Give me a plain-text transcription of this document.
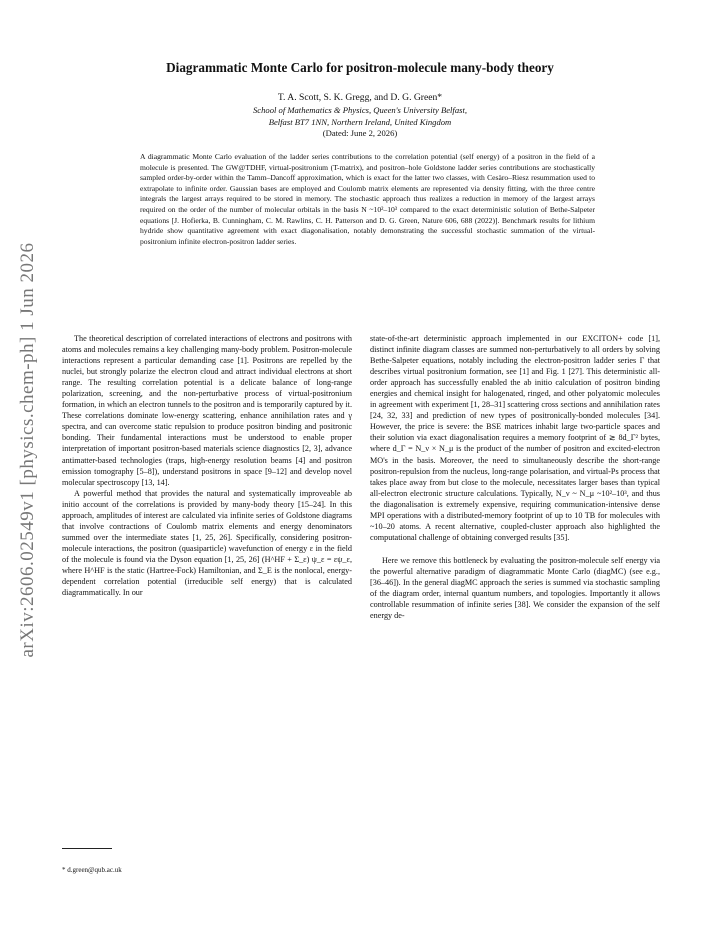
arXiv:2606.02549v1 [physics.chem-ph] 1 Jun 2026
Diagrammatic Monte Carlo for positron-molecule many-body theory
T. A. Scott, S. K. Gregg, and D. G. Green*
School of Mathematics & Physics, Queen's University Belfast,
Belfast BT7 1NN, Northern Ireland, United Kingdom
(Dated: June 2, 2026)

A diagrammatic Monte Carlo evaluation of the ladder series contributions to the correlation potential (self energy) of a positron in the field of a molecule is presented. The GW@TDHF, virtual-positronium (T-matrix), and positron–hole Goldstone ladder series contributions are stochastically sampled order-by-order within the Tamm–Dancoff approximation, which is exact for the latter two classes, with Cesàro–Riesz resummation used to extrapolate to infinite order. Gaussian bases are employed and Coulomb matrix elements are represented via density fitting, with the three centre integrals the largest arrays required to be stored in memory. The stochastic approach thus realizes a reduction in memory of the largest arrays required on the order of the number of molecular orbitals in the basis N ~10²–10³ compared to the exact deterministic solution of Bethe-Salpeter equations [J. Hofierka, B. Cunningham, C. M. Rawlins, C. H. Patterson and D. G. Green, Nature 606, 688 (2022)]. Benchmark results for lithium hydride show quantitative agreement with exact diagonalisation, notably demonstrating the successful stochastic summation of the virtual-positronium infinite electron-positron ladder series.

The theoretical description of correlated interactions of electrons and positrons with atoms and molecules remains a key challenging many-body problem. Positron-molecule interactions represent a particular demanding case [1]. Positrons are repelled by the nuclei, but strongly polarize the electron cloud and attract individual electrons at short range. The resulting correlation potential is a delicate balance of long-range polarization, screening, and the non-perturbative process of virtual-positronium formation, in which an electron tunnels to the positron and is temporarily captured by it. These correlations dominate low-energy scattering, enhance annihilation rates and γ spectra, and can overcome static repulsion to produce positron binding and positronic bonding. Their fundamental interactions must be understood to enable proper interpretation of important positron-based materials science diagnostics [2, 3], advance antimatter-based technologies (traps, high-energy resolution beams [4] and positron emission tomography [5–8]), understand positrons in space [9–12] and develop novel molecular spectroscopy [13, 14].

A powerful method that provides the natural and systematically improveable ab initio account of the correlations is provided by many-body theory [15–24]. In this approach, amplitudes of interest are calculated via infinite series of Goldstone diagrams that involve contractions of Coulomb matrix elements and energy denominators summed over the intermediate states [1, 25, 26]. Specifically, considering positron-molecule interactions, the positron (quasiparticle) wavefunction of energy ε in the field of the molecule is found via the Dyson equation [1, 25, 26] (H^HF + Σ_ε) ψ_ε = εψ_ε, where H^HF is the static (Hartree-Fock) Hamiltonian, and Σ_E is the nonlocal, energy-dependent correlation potential (irreducible self energy) that is calculated diagrammatically. In our

state-of-the-art deterministic approach implemented in our EXCITON+ code [1], distinct infinite diagram classes are summed non-perturbatively to all orders by solving Bethe-Salpeter equations, notably including the electron-positron ladder series Γ that describes virtual positronium formation, see [1] and Fig. 1 [27]. This deterministic all-order approach has successfully enabled the ab initio calculation of positron binding energies and chemical insight for halogenated, ringed, and other polyatomic molecules in agreement with experiment [1, 28–31] scattering cross sections and annihilation rates [24, 32, 33] and prediction of new types of positronically-bonded molecules [34]. However, the price is severe: the BSE matrices inhabit large two-particle spaces and their solution via exact diagonalisation requires a memory footprint of ≳ 8d_Γ² bytes, where d_Γ = N_ν × N_μ is the product of the number of positron and excited-electron MO's in the basis. Moreover, the need to simultaneously describe the short-range positron-repulsion from the nucleus, long-range polarisation, and virtual-Ps process that takes place away from but close to the molecule, necessitates larger bases than typical all-electron electronic structure calculations. Typically, N_ν ~ N_μ ~10²–10³, and thus the diagonalisation is extremely expensive, requiring communication-intensive dense MPI operations with a distributed-memory footprint of up to 10 TB for molecules with ~10–20 atoms. A recent alternative, coupled-cluster approach also highlighted the computational challenge of obtaining converged results [35].

Here we remove this bottleneck by evaluating the positron-molecule self energy via the powerful alternative paradigm of diagrammatic Monte Carlo (diagMC) (see e.g., [36–46]). In the general diagMC approach the series is summed via stochastic sampling of the diagram order, internal quantum numbers, and topologies. Importantly it allows controllable resummation of infinite series [38]. We consider the expansion of the self energy de-

* d.green@qub.ac.uk
